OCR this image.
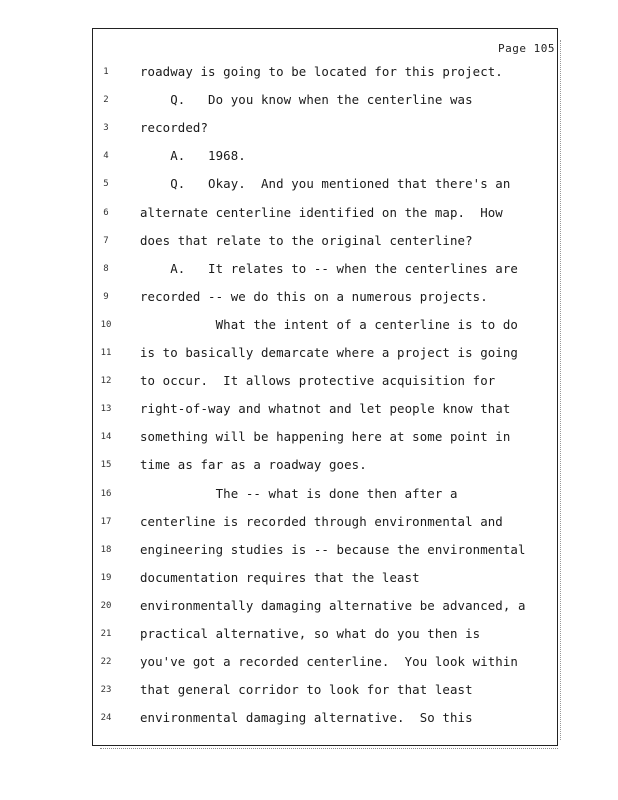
Page 105
1	roadway is going to be located for this project.
2	Q.   Do you know when the centerline was
3	recorded?
4	A.   1968.
5	Q.   Okay.  And you mentioned that there's an
6	alternate centerline identified on the map.  How
7	does that relate to the original centerline?
8	A.   It relates to -- when the centerlines are
9	recorded -- we do this on a numerous projects.
10	What the intent of a centerline is to do
11	is to basically demarcate where a project is going
12	to occur.  It allows protective acquisition for
13	right-of-way and whatnot and let people know that
14	something will be happening here at some point in
15	time as far as a roadway goes.
16	The -- what is done then after a
17	centerline is recorded through environmental and
18	engineering studies is -- because the environmental
19	documentation requires that the least
20	environmentally damaging alternative be advanced, a
21	practical alternative, so what do you then is
22	you've got a recorded centerline.  You look within
23	that general corridor to look for that least
24	environmental damaging alternative.  So this
